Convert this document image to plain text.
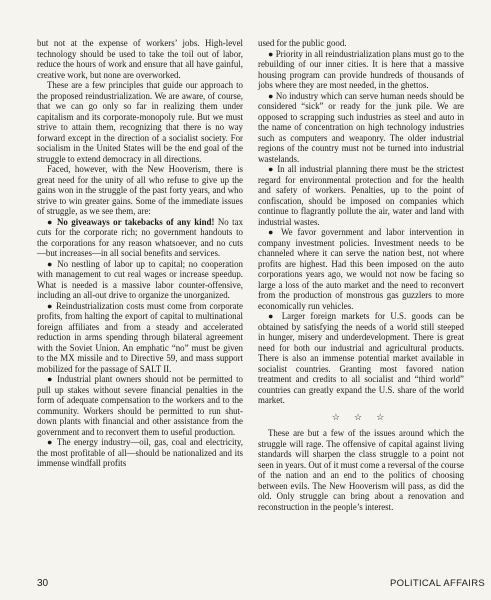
but not at the expense of workers’ jobs. High-level technology should be used to take the toil out of labor, reduce the hours of work and ensure that all have gainful, creative work, but none are overworked.

These are a few principles that guide our approach to the proposed reindustrialization. We are aware, of course, that we can go only so far in realizing them under capitalism and its corporate-monopoly rule. But we must strive to attain them, recognizing that there is no way forward except in the direction of a socialist society. For socialism in the United States will be the end goal of the struggle to extend democracy in all directions.

Faced, however, with the New Hooverism, there is great need for the unity of all who refuse to give up the gains won in the struggle of the past forty years, and who strive to win greater gains. Some of the immediate issues of struggle, as we see them, are:

● No giveaways or takebacks of any kind! No tax cuts for the corporate rich; no government handouts to the corporations for any reason whatsoever, and no cuts—but increases—in all social benefits and services.

● No nestling of labor up to capital; no cooperation with management to cut real wages or increase speedup. What is needed is a massive labor counter-offensive, including an all-out drive to organize the unorganized.

● Reindustrialization costs must come from corporate profits, from halting the export of capital to multinational foreign affiliates and from a steady and accelerated reduction in arms spending through bilateral agreement with the Soviet Union. An emphatic “no” must be given to the MX missile and to Directive 59, and mass support mobilized for the passage of SALT II.

● Industrial plant owners should not be permitted to pull up stakes without severe financial penalties in the form of adequate compensation to the workers and to the community. Workers should be permitted to run shut-down plants with financial and other assistance from the government and to reconvert them to useful production.

● The energy industry—oil, gas, coal and electricity, the most profitable of all—should be nationalized and its immense windfall profits

used for the public good.

● Priority in all reindustrialization plans must go to the rebuilding of our inner cities. It is here that a massive housing program can provide hundreds of thousands of jobs where they are most needed, in the ghettos.

● No industry which can serve human needs should be considered “sick” or ready for the junk pile. We are opposed to scrapping such industries as steel and auto in the name of concentration on high technology industries such as computers and weaponry. The older industrial regions of the country must not be turned into industrial wastelands.

● In all industrial planning there must be the strictest regard for environmental protection and for the health and safety of workers. Penalties, up to the point of confiscation, should be imposed on companies which continue to flagrantly pollute the air, water and land with industrial wastes.

● We favor government and labor intervention in company investment policies. Investment needs to be channeled where it can serve the nation best, not where profits are highest. Had this been imposed on the auto corporations years ago, we would not now be facing so large a loss of the auto market and the need to reconvert from the production of monstrous gas guzzlers to more economically run vehicles.

● Larger foreign markets for U.S. goods can be obtained by satisfying the needs of a world still steeped in hunger, misery and underdevelopment. There is great need for both our industrial and agricultural products. There is also an immense potential market available in socialist countries. Granting most favored nation treatment and credits to all socialist and “third world” countries can greatly expand the U.S. share of the world market.

☆ ☆ ☆

These are but a few of the issues around which the struggle will rage. The offensive of capital against living standards will sharpen the class struggle to a point not seen in years. Out of it must come a reversal of the course of the nation and an end to the politics of choosing between evils. The New Hooverism will pass, as did the old. Only struggle can bring about a renovation and reconstruction in the people’s interest.

30	POLITICAL AFFAIRS
